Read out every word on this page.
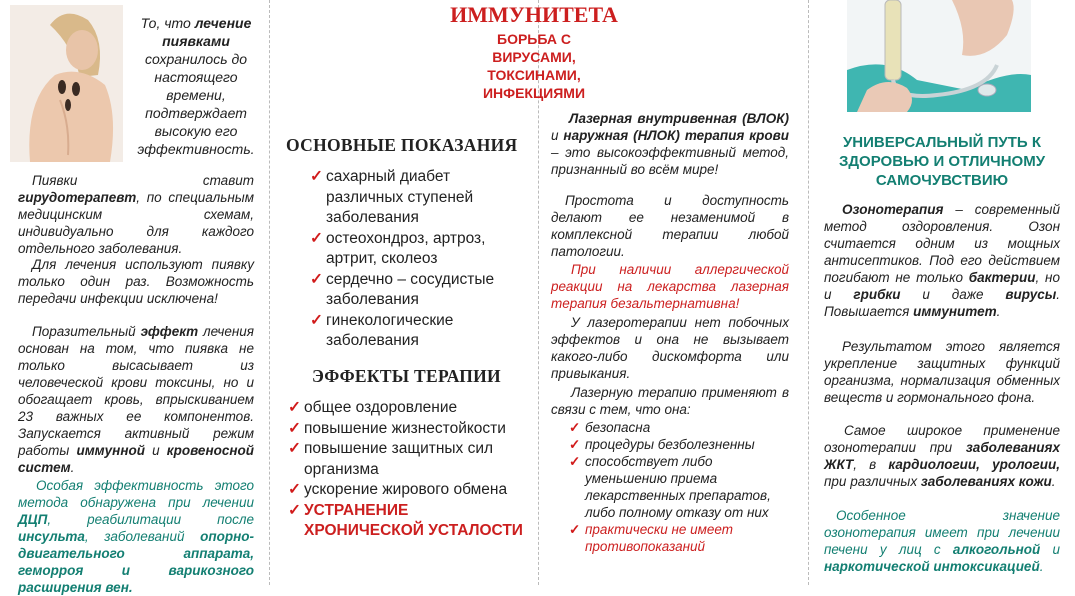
То, что лечение пиявками сохранилось до настоящего времени, подтверждает высокую его эффективность.

Пиявки ставит гирудотерапевт, по специальным медицинским схемам, индивидуально для каждого отдельного заболевания.

Для лечения используют пиявку только один раз. Возможность передачи инфекции исключена!

Поразительный эффект лечения основан на том, что пиявка не только высасывает из человеческой крови токсины, но и обогащает кровь, впрыскиванием 23 важных ее компонентов. Запускается активный режим работы иммунной и кровеносной систем.

Особая эффективность этого метода обнаружена при лечении ДЦП, реабилитации после инсульта, заболеваний опорно-двигательного аппарата, геморроя и варикозного расширения вен.

ОСНОВНЫЕ ПОКАЗАНИЯ
✓ сахарный диабет различных ступеней заболевания
✓ остеохондроз, артроз, артрит, сколеоз
✓ сердечно – сосудистые заболевания
✓ гинекологические заболевания
ЭФФЕКТЫ ТЕРАПИИ
✓ общее оздоровление
✓ повышение жизнестойкости
✓ повышение защитных сил организма
✓ ускорение жирового обмена
✓ УСТРАНЕНИЕ ХРОНИЧЕСКОЙ УСТАЛОСТИ
ИММУНИТЕТА
БОРЬБА С ВИРУСАМИ, ТОКСИНАМИ, ИНФЕКЦИЯМИ

Лазерная внутривенная (ВЛОК) и наружная (НЛОК) терапия крови – это высокоэффективный метод, признанный во всём мире!

Простота и доступность делают ее незаменимой в комплексной терапии любой патологии.

При наличии аллергической реакции на лекарства лазерная терапия безальтернативна!

У лазеротерапии нет побочных эффектов и она не вызывает какого-либо дискомфорта или привыкания.

Лазерную терапию применяют в связи с тем, что она:

✓ безопасна
✓ процедуры безболезненны
✓ способствует либо уменьшению приема лекарственных препаратов, либо полному отказу от них
✓ практически не имеет противопоказаний
УНИВЕРСАЛЬНЫЙ ПУТЬ К ЗДОРОВЬЮ И ОТЛИЧНОМУ САМОЧУВСТВИЮ

Озонотерапия – современный метод оздоровления. Озон считается одним из мощных антисептиков. Под его действием погибают не только бактерии, но и грибки и даже вирусы. Повышается иммунитет.

Результатом этого является укрепление защитных функций организма, нормализация обменных веществ и гормонального фона.

Самое широкое применение озонотерапии при заболеваниях ЖКТ, в кардиологии, урологии, при различных заболеваниях кожи.

Особенное значение озонотерапия имеет при лечении печени у лиц с алкогольной и наркотической интоксикацией.
